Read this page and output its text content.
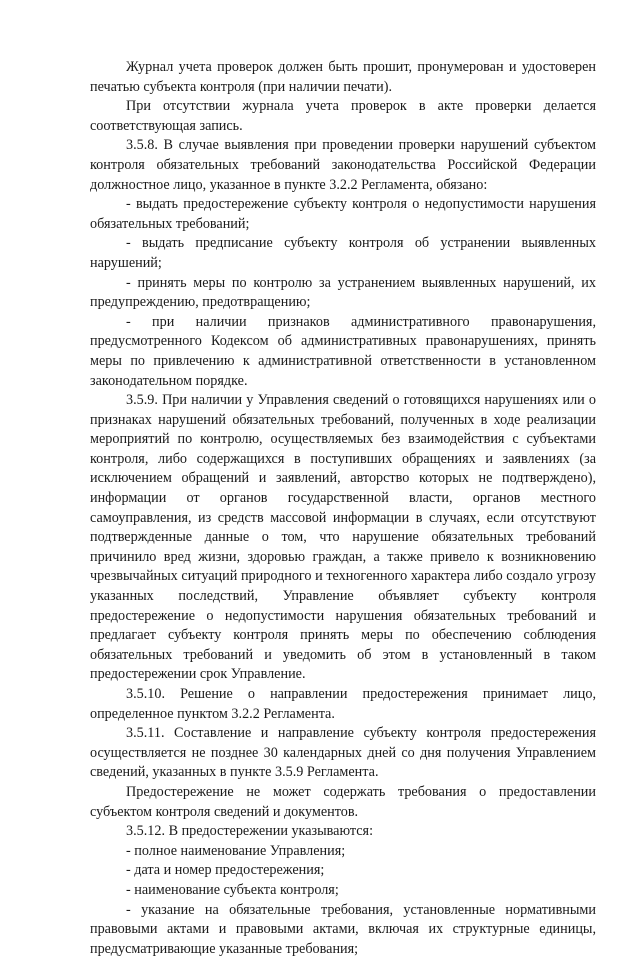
Журнал учета проверок должен быть прошит, пронумерован и удостоверен печатью субъекта контроля (при наличии печати).

При отсутствии журнала учета проверок в акте проверки делается соответствующая запись.

3.5.8. В случае выявления при проведении проверки нарушений субъектом контроля обязательных требований законодательства Российской Федерации должностное лицо, указанное в пункте 3.2.2 Регламента, обязано:

- выдать предостережение субъекту контроля о недопустимости нарушения обязательных требований;

- выдать предписание субъекту контроля об устранении выявленных нарушений;

- принять меры по контролю за устранением выявленных нарушений, их предупреждению, предотвращению;

- при наличии признаков административного правонарушения, предусмотренного Кодексом об административных правонарушениях, принять меры по привлечению к административной ответственности в установленном законодательном порядке.

3.5.9. При наличии у Управления сведений о готовящихся нарушениях или о признаках нарушений обязательных требований, полученных в ходе реализации мероприятий по контролю, осуществляемых без взаимодействия с субъектами контроля, либо содержащихся в поступивших обращениях и заявлениях (за исключением обращений и заявлений, авторство которых не подтверждено), информации от органов государственной власти, органов местного самоуправления, из средств массовой информации в случаях, если отсутствуют подтвержденные данные о том, что нарушение обязательных требований причинило вред жизни, здоровью граждан, а также привело к возникновению чрезвычайных ситуаций природного и техногенного характера либо создало угрозу указанных последствий, Управление объявляет субъекту контроля предостережение о недопустимости нарушения обязательных требований и предлагает субъекту контроля принять меры по обеспечению соблюдения обязательных требований и уведомить об этом в установленный в таком предостережении срок Управление.

3.5.10. Решение о направлении предостережения принимает лицо, определенное пунктом 3.2.2 Регламента.

3.5.11. Составление и направление субъекту контроля предостережения осуществляется не позднее 30 календарных дней со дня получения Управлением сведений, указанных в пункте 3.5.9 Регламента.

Предостережение не может содержать требования о предоставлении субъектом контроля сведений и документов.

3.5.12. В предостережении указываются:

- полное наименование Управления;

- дата и номер предостережения;

- наименование субъекта контроля;

- указание на обязательные требования, установленные нормативными правовыми актами и правовыми актами, включая их структурные единицы, предусматривающие указанные требования;
